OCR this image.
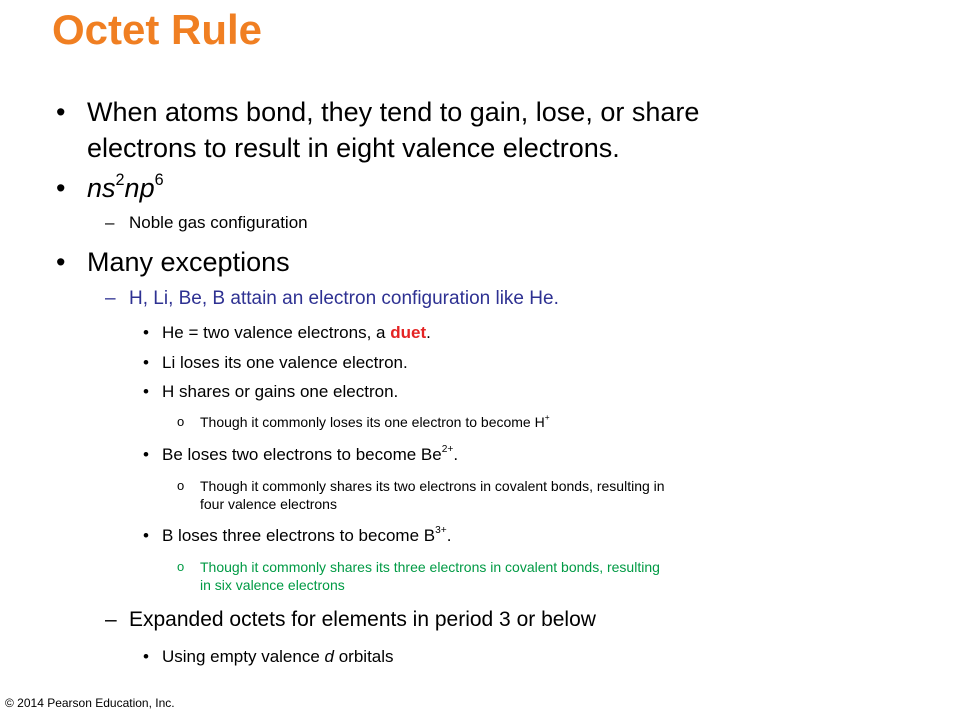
Octet Rule
• When atoms bond, they tend to gain, lose, or share
electrons to result in eight valence electrons.
• $ns^2np^6$
– Noble gas configuration
• Many exceptions
– H, Li, Be, B attain an electron configuration like He.
• He = two valence electrons, a duet.
• Li loses its one valence electron.
• H shares or gains one electron.
o	Though it commonly loses its one electron to become H+
• Be loses two electrons to become $Be^{2+}$.
o Though it commonly shares its two electrons in covalent bonds, resulting in
four valence electrons
• B loses three electrons to become $B^{3+}$.
o Though it commonly shares its three electrons in covalent bonds, resulting
in six valence electrons
– Expanded octets for elements in period 3 or below
• Using empty valence d orbitals
© 2014 Pearson Education, Inc.
